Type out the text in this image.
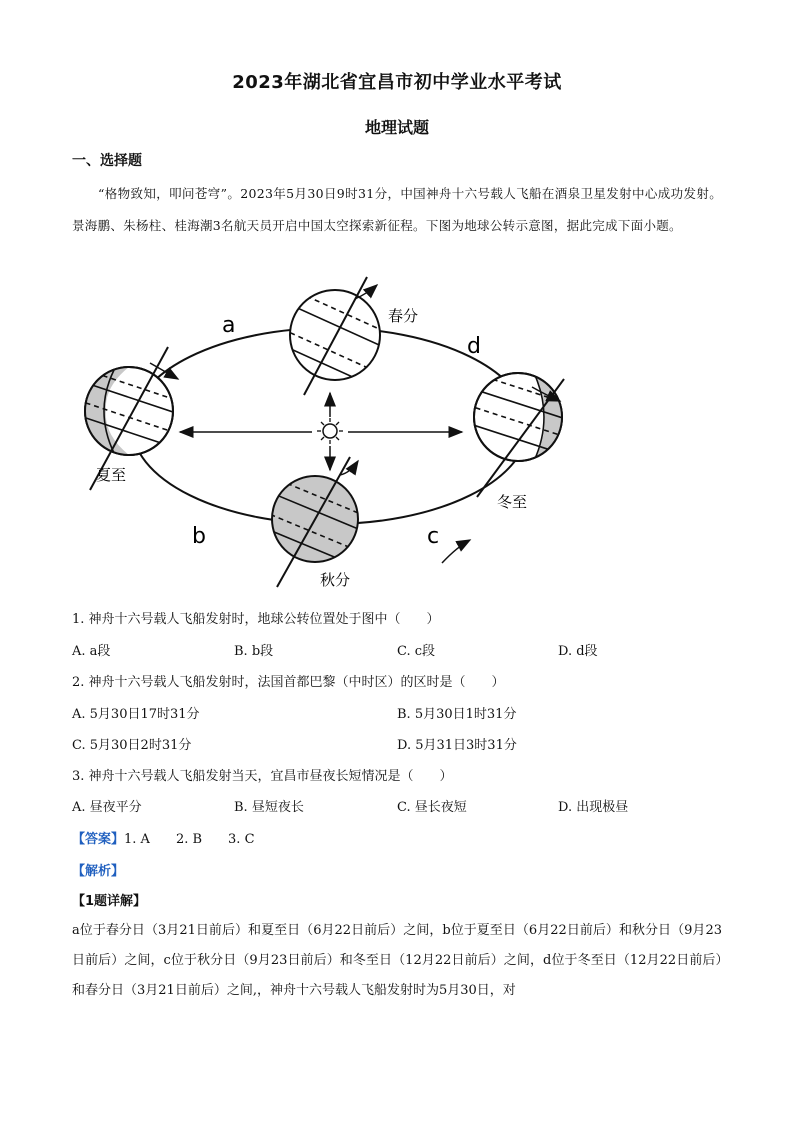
2023年湖北省宜昌市初中学业水平考试
地理试题
一、选择题
“格物致知，叩问苍穹”。2023年5月30日9时31分，中国神舟十六号载人飞船在酒泉卫星发射中心成功发射。景海鹏、朱杨柱、桂海潮3名航天员开启中国太空探索新征程。下图为地球公转示意图，据此完成下面小题。
a
d
b	c
春分
夏至
秋分
冬至
1. 神舟十六号载人飞船发射时，地球公转位置处于图中（　　）
A. a段	B. b段	C. c段	D. d段
2. 神舟十六号载人飞船发射时，法国首都巴黎（中时区）的区时是（　　）
A. 5月30日17时31分	B. 5月30日1时31分
C. 5月30日2时31分	D. 5月31日3时31分
3. 神舟十六号载人飞船发射当天，宜昌市昼夜长短情况是（　　）
A. 昼夜平分	B. 昼短夜长	C. 昼长夜短	D. 出现极昼
【答案】1. A　　2. B　　3. C
【解析】
【1题详解】
a位于春分日（3月21日前后）和夏至日（6月22日前后）之间，b位于夏至日（6月22日前后）和秋分日（9月23日前后）之间，c位于秋分日（9月23日前后）和冬至日（12月22日前后）之间，d位于冬至日（12月22日前后）和春分日（3月21日前后）之间,，神舟十六号载人飞船发射时为5月30日，对
